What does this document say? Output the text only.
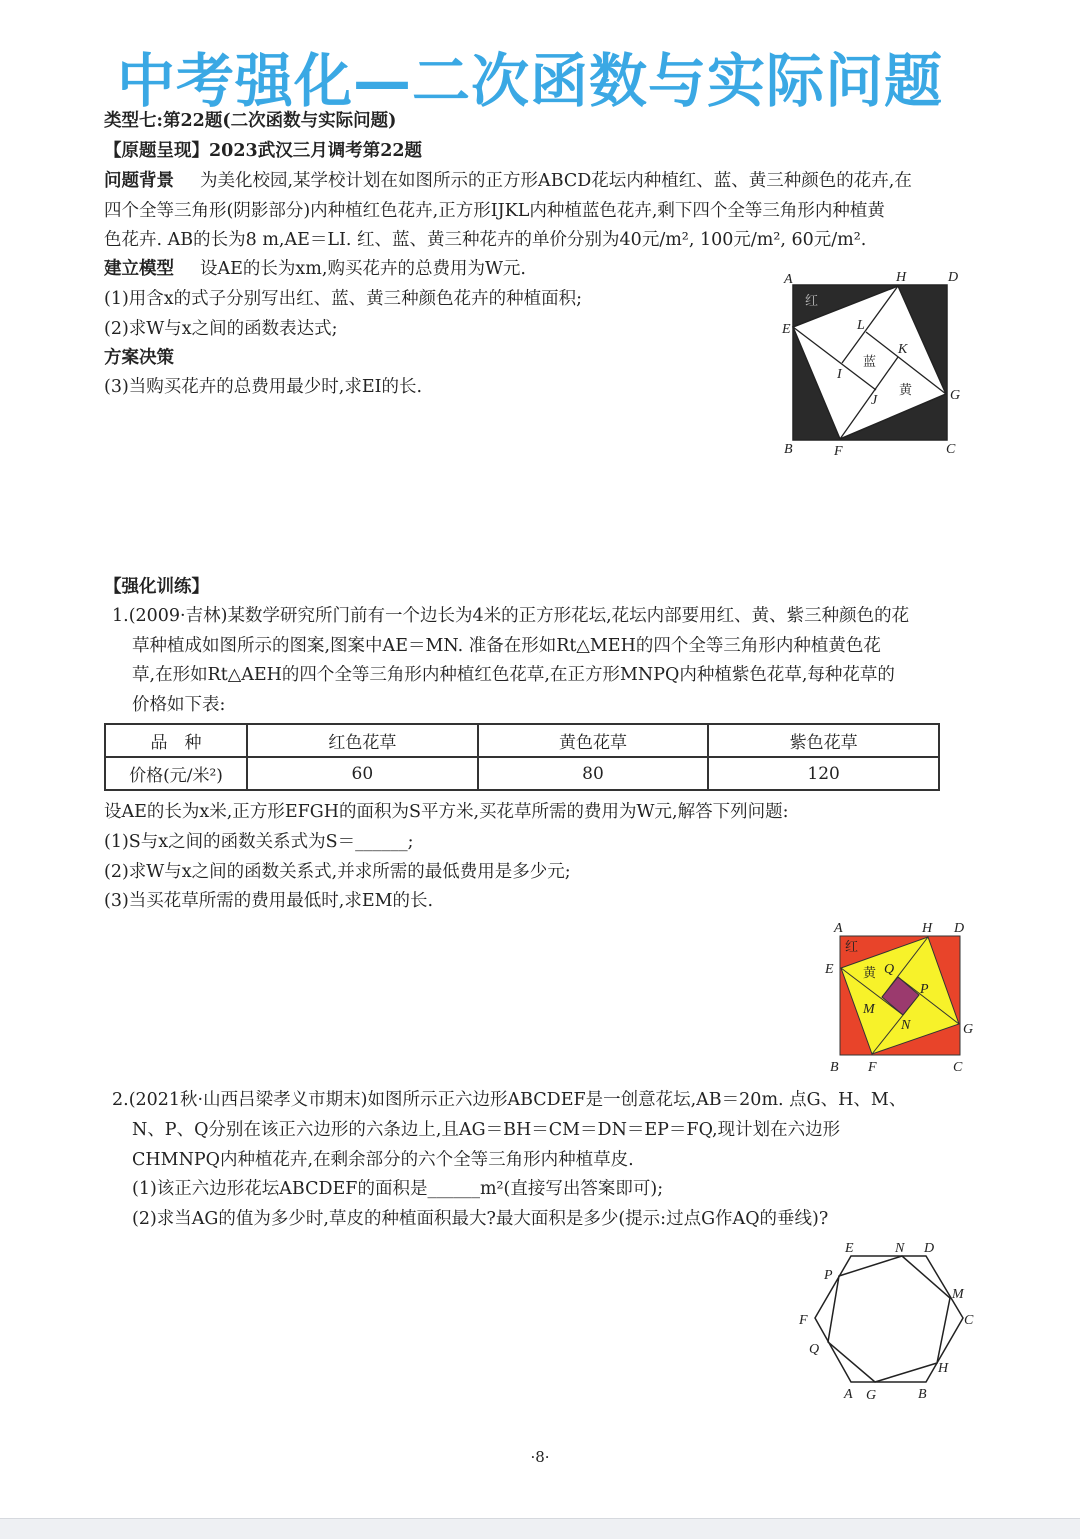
中考强化—二次函数与实际问题
类型七:第22题(二次函数与实际问题)
【原题呈现】2023武汉三月调考第22题
问题背景 为美化校园,某学校计划在如图所示的正方形ABCD花坛内种植红、蓝、黄三种颜色的花卉,在
四个全等三角形(阴影部分)内种植红色花卉,正方形IJKL内种植蓝色花卉,剩下四个全等三角形内种植黄
色花卉. AB的长为8 m,AE＝LI. 红、蓝、黄三种花卉的单价分别为40元/m², 100元/m², 60元/m².
建立模型 设AE的长为xm,购买花卉的总费用为W元.
(1)用含x的式子分别写出红、蓝、黄三种颜色花卉的种植面积;
(2)求W与x之间的函数表达式;
方案决策
(3)当购买花卉的总费用最少时,求EI的长.
A	H	D
E	L
K
I
J	G
B	F	C
红
蓝
黄
【强化训练】
1.(2009·吉林)某数学研究所门前有一个边长为4米的正方形花坛,花坛内部要用红、黄、紫三种颜色的花
草种植成如图所示的图案,图案中AE＝MN. 准备在形如Rt△MEH的四个全等三角形内种植黄色花
草,在形如Rt△AEH的四个全等三角形内种植红色花草,在正方形MNPQ内种植紫色花草,每种花草的
价格如下表:
品　种	红色花草	黄色花草	紫色花草
价格(元/米²)	60	80	120
设AE的长为x米,正方形EFGH的面积为S平方米,买花草所需的费用为W元,解答下列问题:
(1)S与x之间的函数关系式为S＝______;
(2)求W与x之间的函数关系式,并求所需的最低费用是多少元;
(3)当买花草所需的费用最低时,求EM的长.
A	H D
E	Q
P
M
N	G
B F	C
红
黄
2.(2021秋·山西吕梁孝义市期末)如图所示正六边形ABCDEF是一创意花坛,AB＝20m. 点G、H、M、
N、P、Q分别在该正六边形的六条边上,且AG＝BH＝CM＝DN＝EP＝FQ,现计划在六边形
CHMNPQ内种植花卉,在剩余部分的六个全等三角形内种植草皮.
(1)该正六边形花坛ABCDEF的面积是______m²(直接写出答案即可);
(2)求当AG的值为多少时,草皮的种植面积最大?最大面积是多少(提示:过点G作AQ的垂线)?
E	N D
P
M
F	C
Q
H
A G	B
·8·
